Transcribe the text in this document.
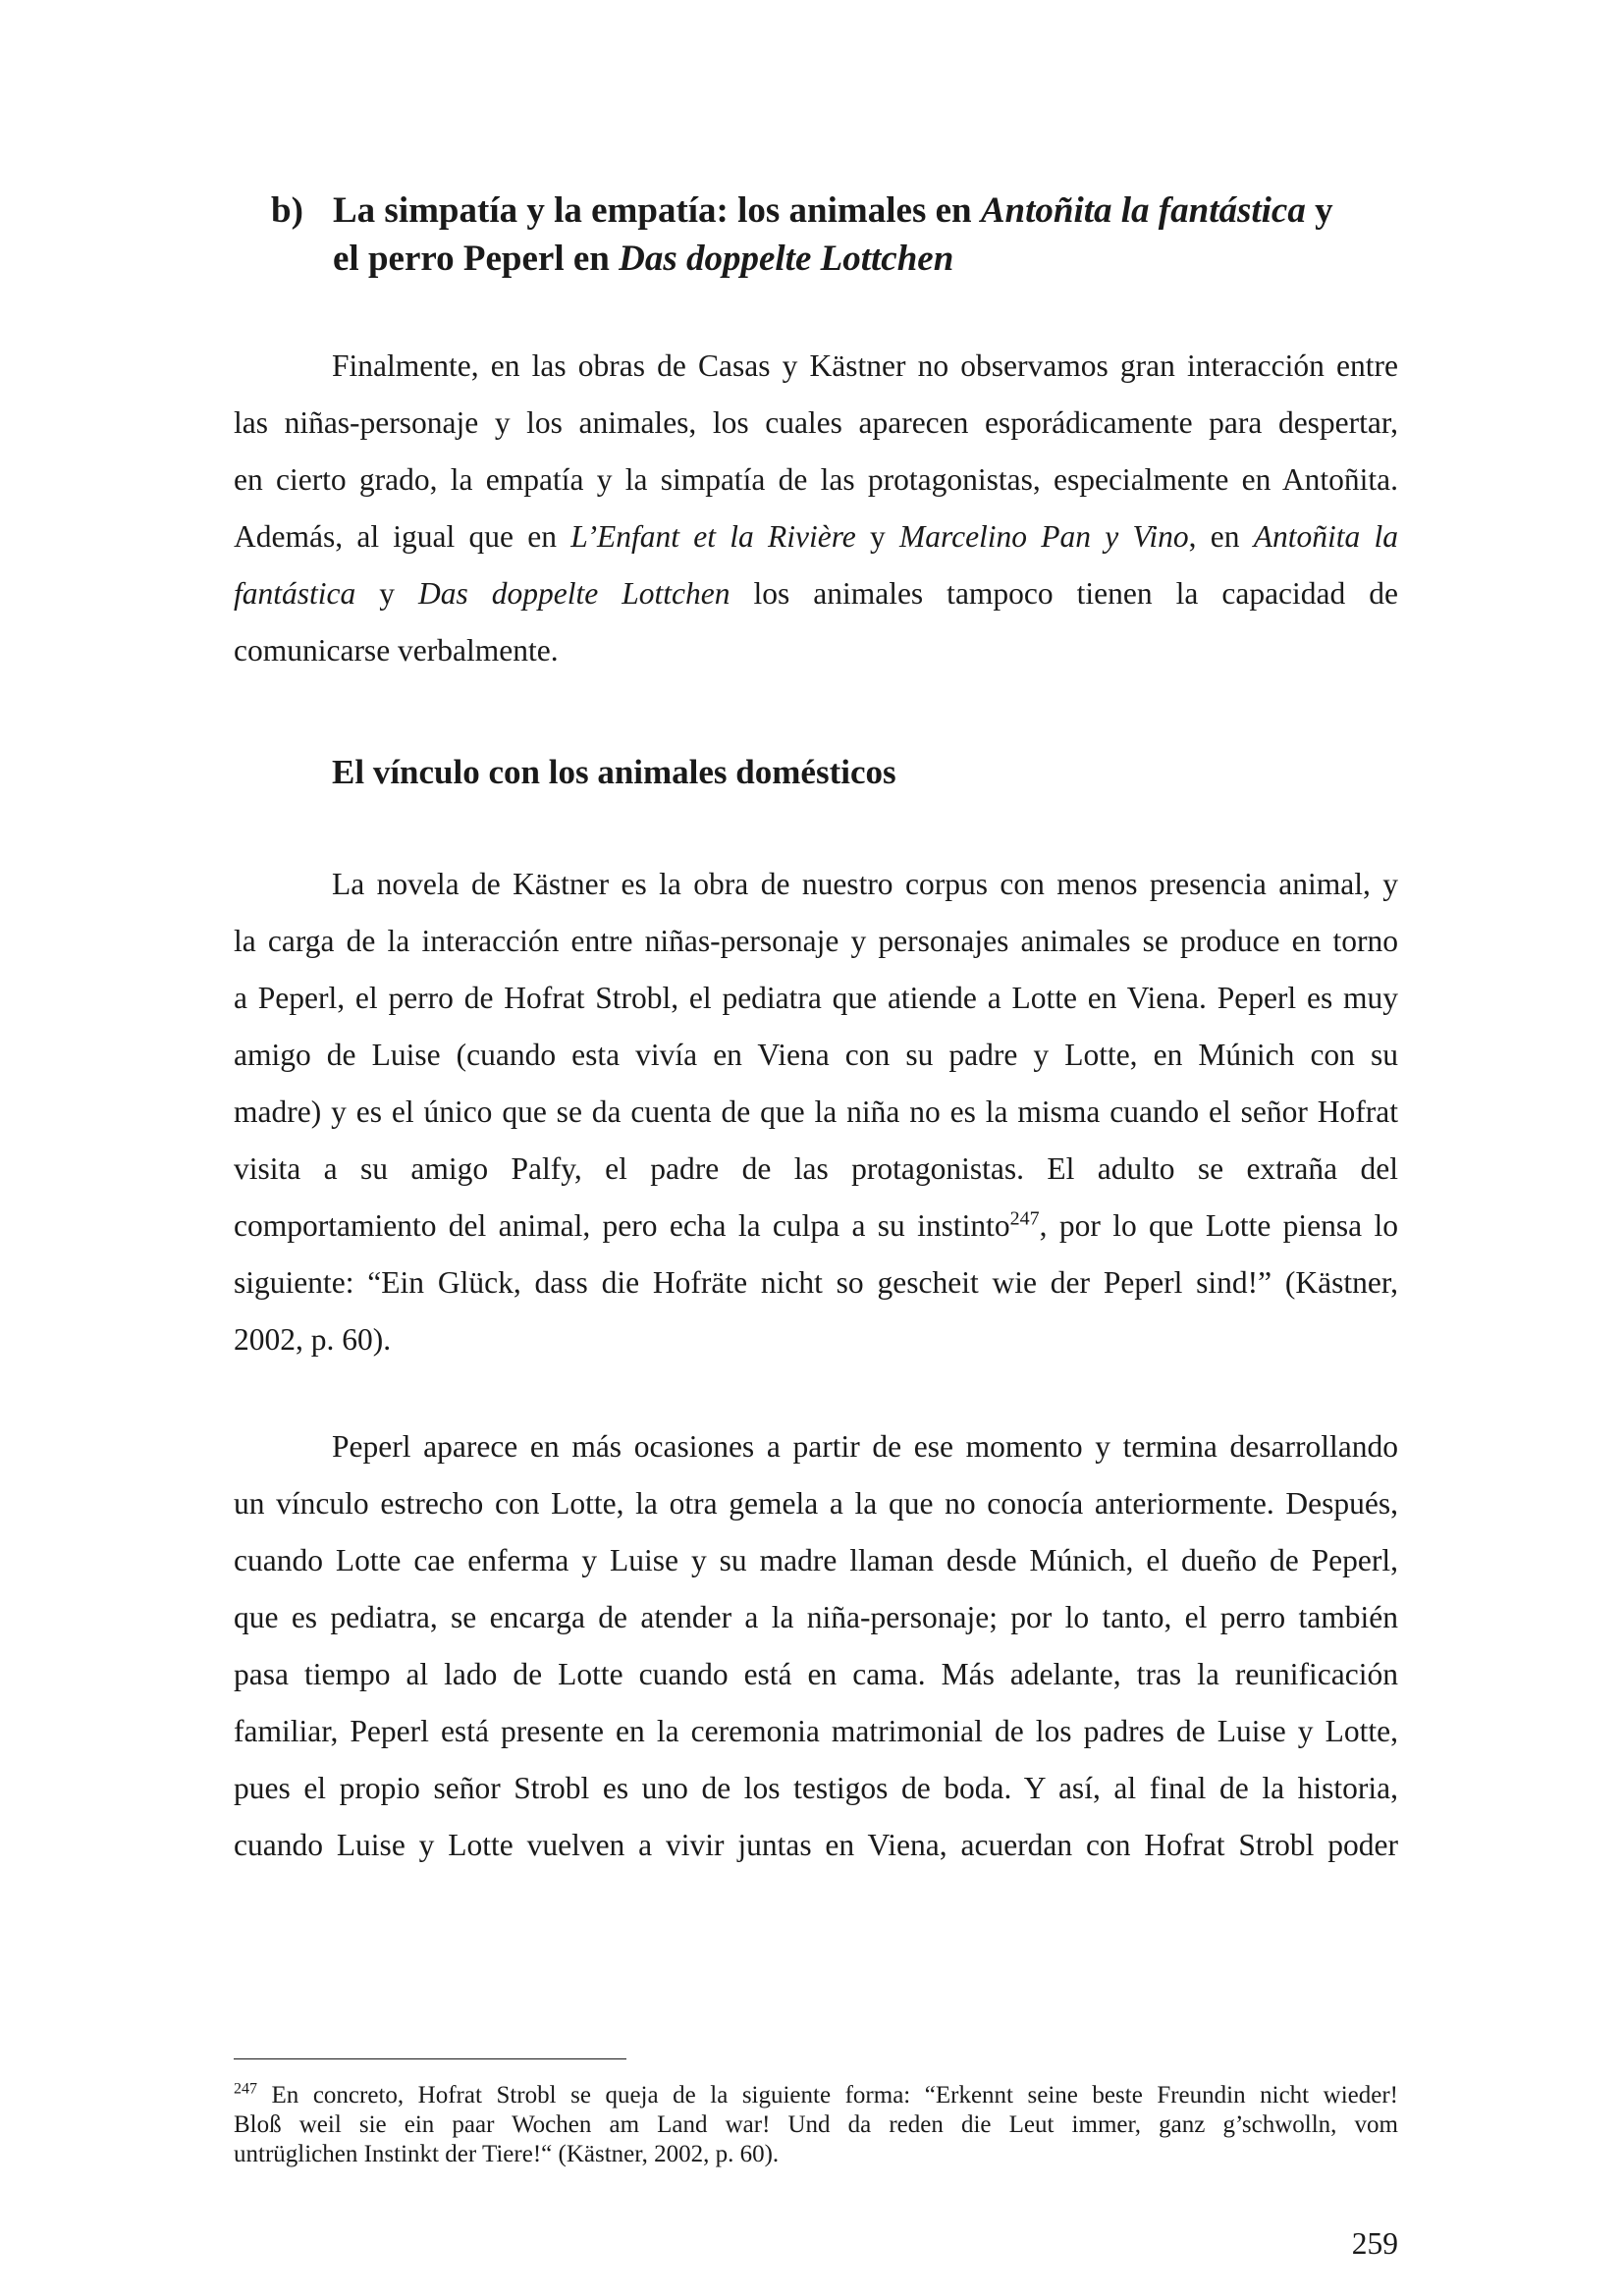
b) La simpatía y la empatía: los animales en Antoñita la fantástica y
el perro Peperl en Das doppelte Lottchen
Finalmente, en las obras de Casas y Kästner no observamos gran interacción entre
las niñas-personaje y los animales, los cuales aparecen esporádicamente para despertar,
en cierto grado, la empatía y la simpatía de las protagonistas, especialmente en Antoñita.
Además, al igual que en L’Enfant et la Rivière y Marcelino Pan y Vino, en Antoñita la
fantástica y Das doppelte Lottchen los animales tampoco tienen la capacidad de
comunicarse verbalmente.
El vínculo con los animales domésticos
La novela de Kästner es la obra de nuestro corpus con menos presencia animal, y
la carga de la interacción entre niñas-personaje y personajes animales se produce en torno
a Peperl, el perro de Hofrat Strobl, el pediatra que atiende a Lotte en Viena. Peperl es muy
amigo de Luise (cuando esta vivía en Viena con su padre y Lotte, en Múnich con su
madre) y es el único que se da cuenta de que la niña no es la misma cuando el señor Hofrat
visita a su amigo Palfy, el padre de las protagonistas. El adulto se extraña del
comportamiento del animal, pero echa la culpa a su instinto$^{247}$, por lo que Lotte piensa lo
siguiente: “Ein Glück, dass die Hofräte nicht so gescheit wie der Peperl sind!” (Kästner,
2002, p. 60).
Peperl aparece en más ocasiones a partir de ese momento y termina desarrollando
un vínculo estrecho con Lotte, la otra gemela a la que no conocía anteriormente. Después,
cuando Lotte cae enferma y Luise y su madre llaman desde Múnich, el dueño de Peperl,
que es pediatra, se encarga de atender a la niña-personaje; por lo tanto, el perro también
pasa tiempo al lado de Lotte cuando está en cama. Más adelante, tras la reunificación
familiar, Peperl está presente en la ceremonia matrimonial de los padres de Luise y Lotte,
pues el propio señor Strobl es uno de los testigos de boda. Y así, al final de la historia,
cuando Luise y Lotte vuelven a vivir juntas en Viena, acuerdan con Hofrat Strobl poder
$^{247}$ En concreto, Hofrat Strobl se queja de la siguiente forma: “Erkennt seine beste Freundin nicht wieder!
Bloß weil sie ein paar Wochen am Land war! Und da reden die Leut immer, ganz g’schwolln, vom
untrüglichen Instinkt der Tiere!“ (Kästner, 2002, p. 60).
259
